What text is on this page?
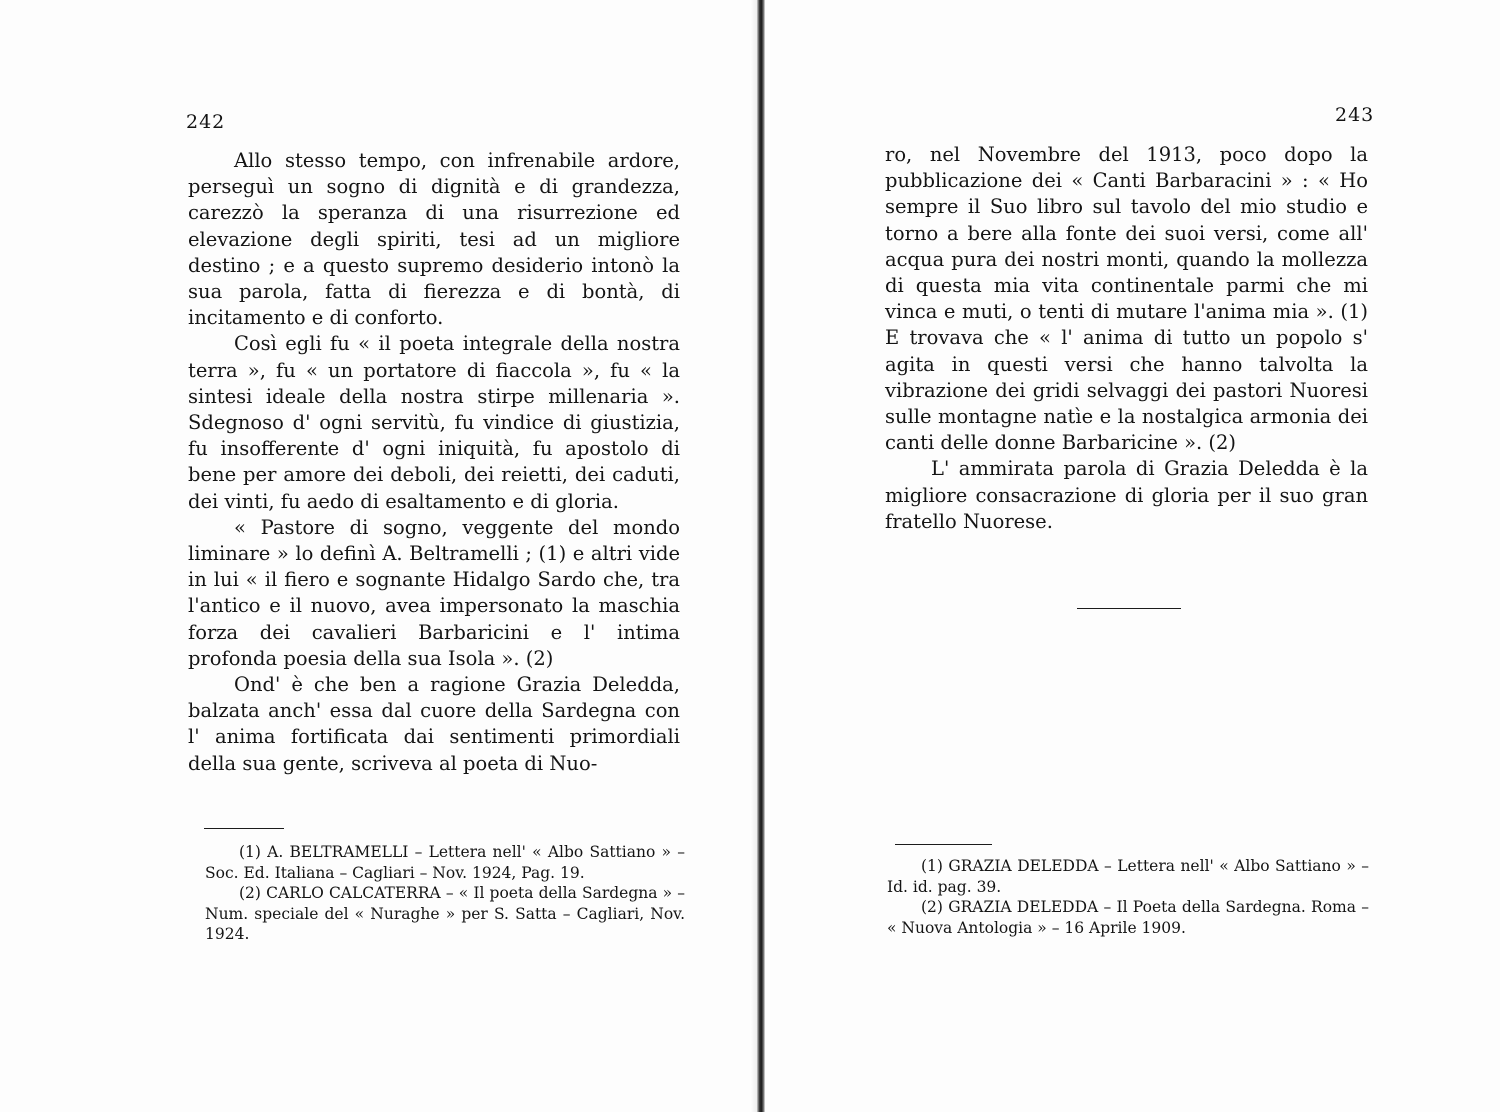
242

Allo stesso tempo, con infrenabile ardore, perseguì un sogno di dignità e di grandezza, carezzò la speranza di una risurrezione ed elevazione degli spiriti, tesi ad un migliore destino ; e a questo supremo desiderio intonò la sua parola, fatta di fierezza e di bontà, di incitamento e di conforto.

Così egli fu « il poeta integrale della nostra terra », fu « un portatore di fiaccola », fu « la sintesi ideale della nostra stirpe millenaria ». Sdegnoso d' ogni servitù, fu vindice di giustizia, fu insofferente d' ogni iniquità, fu apostolo di bene per amore dei deboli, dei reietti, dei caduti, dei vinti, fu aedo di esaltamento e di gloria.

« Pastore di sogno, veggente del mondo liminare » lo definì A. Beltramelli ; (1) e altri vide in lui « il fiero e sognante Hidalgo Sardo che, tra l'antico e il nuovo, avea impersonato la maschia forza dei cavalieri Barbaricini e l' intima profonda poesia della sua Isola ». (2)

Ond' è che ben a ragione Grazia Deledda, balzata anch' essa dal cuore della Sardegna con l' anima fortificata dai sentimenti primordiali della sua gente, scriveva al poeta di Nuo-

(1) A. BELTRAMELLI – Lettera nell' « Albo Sattiano » – Soc. Ed. Italiana – Cagliari – Nov. 1924, Pag. 19.

(2) CARLO CALCATERRA – « Il poeta della Sardegna » – Num. speciale del « Nuraghe » per S. Satta – Cagliari, Nov. 1924.

243

ro, nel Novembre del 1913, poco dopo la pubblicazione dei « Canti Barbaracini » : « Ho sempre il Suo libro sul tavolo del mio studio e torno a bere alla fonte dei suoi versi, come all' acqua pura dei nostri monti, quando la mollezza di questa mia vita continentale parmi che mi vinca e muti, o tenti di mutare l'anima mia ». (1) E trovava che « l' anima di tutto un popolo s' agita in questi versi che hanno talvolta la vibrazione dei gridi selvaggi dei pastori Nuoresi sulle montagne natìe e la nostalgica armonia dei canti delle donne Barbaricine ». (2)

L' ammirata parola di Grazia Deledda è la migliore consacrazione di gloria per il suo gran fratello Nuorese.

(1) GRAZIA DELEDDA – Lettera nell' « Albo Sattiano » – Id. id. pag. 39.

(2) GRAZIA DELEDDA – Il Poeta della Sardegna. Roma – « Nuova Antologia » – 16 Aprile 1909.
